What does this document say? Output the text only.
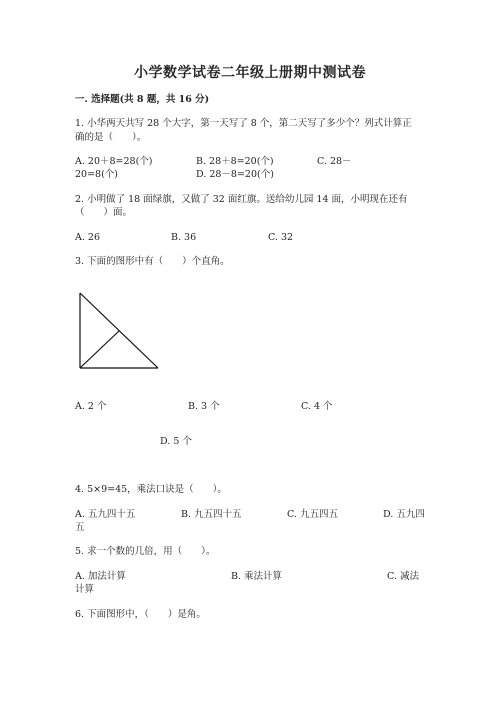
小学数学试卷二年级上册期中测试卷
一. 选择题(共 8 题，共 16 分)
1. 小华两天共写 28 个大字，第一天写了 8 个，第二天写了多少个？列式计算正
确的是（　　）。
A. 20＋8=28(个)	B. 28＋8=20(个)	C. 28－
20=8(个)	D. 28－8=20(个)
2. 小明做了 18 面绿旗，又做了 32 面红旗。送给幼儿园 14 面，小明现在还有
（　　）面。
A. 26	B. 36	C. 32
3. 下面的图形中有（　　）个直角。
A. 2 个	B. 3 个	C. 4 个
D. 5 个
4. 5×9=45，乘法口诀是（　　）。
A. 五九四十五	B. 九五四十五	C. 九五四五	D. 五九四
五
5. 求一个数的几倍，用（　　）。
A. 加法计算	B. 乘法计算	C. 减法
计算
6. 下面图形中，（　　）是角。
